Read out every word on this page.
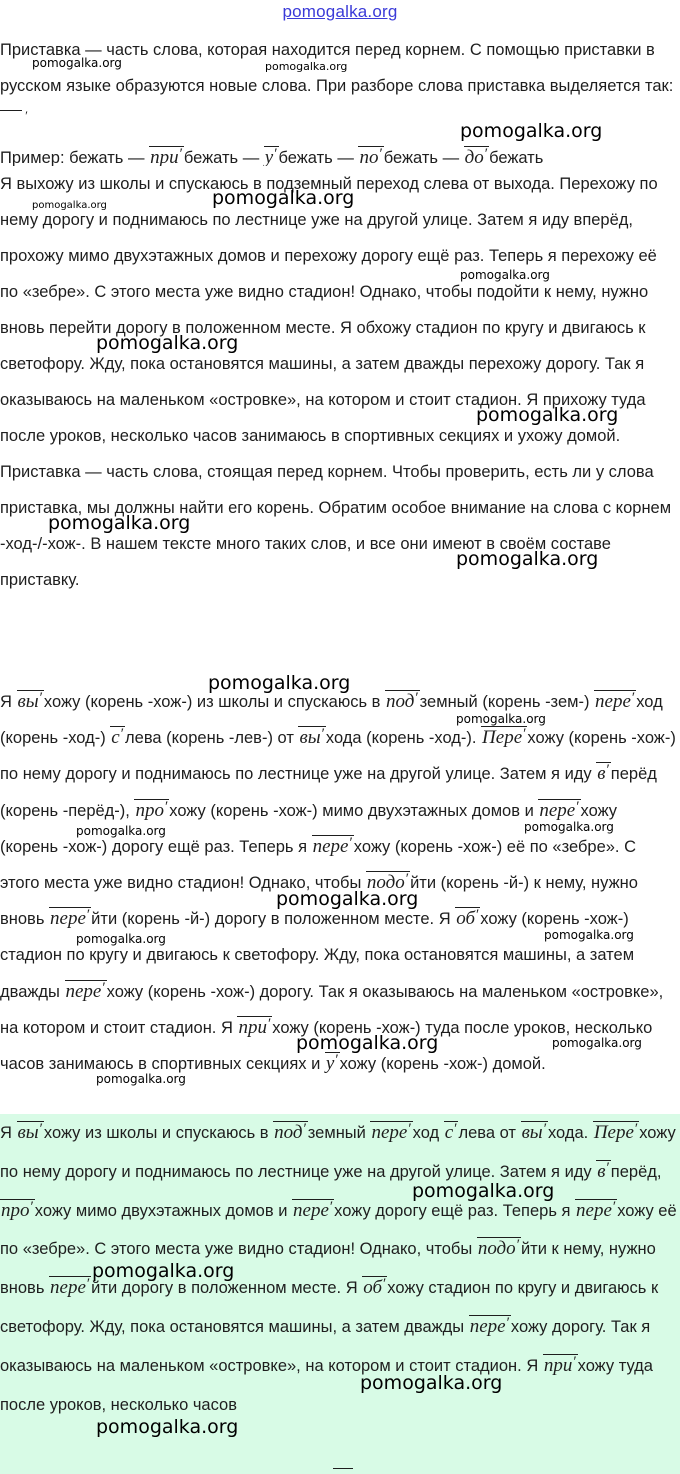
pomogalka.org

Приставка — часть слова, которая находится перед корнем. С помощью приставки в русском языке образуются новые слова. При разборе слова приставка выделяется так: ′

Пример: бежать — при ′ бежать — у ′ бежать — по ′ бежать — до ′ бежать

Я выхожу из школы и спускаюсь в подземный переход слева от выхода. Перехожу по нему дорогу и поднимаюсь по лестнице уже на другой улице. Затем я иду вперёд, прохожу мимо двухэтажных домов и перехожу дорогу ещё раз. Теперь я перехожу её по «зебре». С этого места уже видно стадион! Однако, чтобы подойти к нему, нужно вновь перейти дорогу в положенном месте. Я обхожу стадион по кругу и двигаюсь к светофору. Жду, пока остановятся машины, а затем дважды перехожу дорогу. Так я оказываюсь на маленьком «островке», на котором и стоит стадион. Я прихожу туда после уроков, несколько часов занимаюсь в спортивных секциях и ухожу домой.

Приставка — часть слова, стоящая перед корнем. Чтобы проверить, есть ли у слова приставка, мы должны найти его корень. Обратим особое внимание на слова с корнем -ход-/-хож-. В нашем тексте много таких слов, и все они имеют в своём составе приставку.

Я вы ′ хожу (корень -хож-) из школы и спускаюсь в под ′ земный (корень -зем-) пере ′ ход (корень -ход-) с ′ лева (корень -лев-) от вы ′ хода (корень -ход-). Пере ′ хожу (корень -хож-) по нему дорогу и поднимаюсь по лестнице уже на другой улице. Затем я иду в ′ перёд (корень -перёд-), про ′ хожу (корень -хож-) мимо двухэтажных домов и пере ′ хожу (корень -хож-) дорогу ещё раз. Теперь я пере ′ хожу (корень -хож-) её по «зебре». С этого места уже видно стадион! Однако, чтобы подо ′ йти (корень -й-) к нему, нужно вновь пере ′ йти (корень -й-) дорогу в положенном месте. Я об ′ хожу (корень -хож-) стадион по кругу и двигаюсь к светофору. Жду, пока остановятся машины, а затем дважды пере ′ хожу (корень -хож-) дорогу. Так я оказываюсь на маленьком «островке», на котором и стоит стадион. Я при ′ хожу (корень -хож-) туда после уроков, несколько часов занимаюсь в спортивных секциях и у ′ хожу (корень -хож-) домой.

Я вы ′ хожу из школы и спускаюсь в под ′ земный пере ′ ход с ′ лева от вы ′ хода. Пере ′ хожу по нему дорогу и поднимаюсь по лестнице уже на другой улице. Затем я иду в ′ перёд, про ′ хожу мимо двухэтажных домов и пере ′ хожу дорогу ещё раз. Теперь я пере ′ хожу её по «зебре». С этого места уже видно стадион! Однако, чтобы подо ′ йти к нему, нужно вновь пере ′ йти дорогу в положенном месте. Я об ′ хожу стадион по кругу и двигаюсь к светофору. Жду, пока остановятся машины, а затем дважды пере ′ хожу дорогу. Так я оказываюсь на маленьком «островке», на котором и стоит стадион. Я при ′ хожу туда после уроков, несколько часов

pomogalka.org	pomogalka.org
pomogalka.org
pomogalka.org	pomogalka.org
pomogalka.org
pomogalka.org
pomogalka.org
pomogalka.org
pomogalka.org
pomogalka.org
pomogalka.org
pomogalka.org	pomogalka.org
pomogalka.org
pomogalka.org	pomogalka.org
pomogalka.org	pomogalka.org
pomogalka.org
pomogalka.org
pomogalka.org
pomogalka.org
pomogalka.org
